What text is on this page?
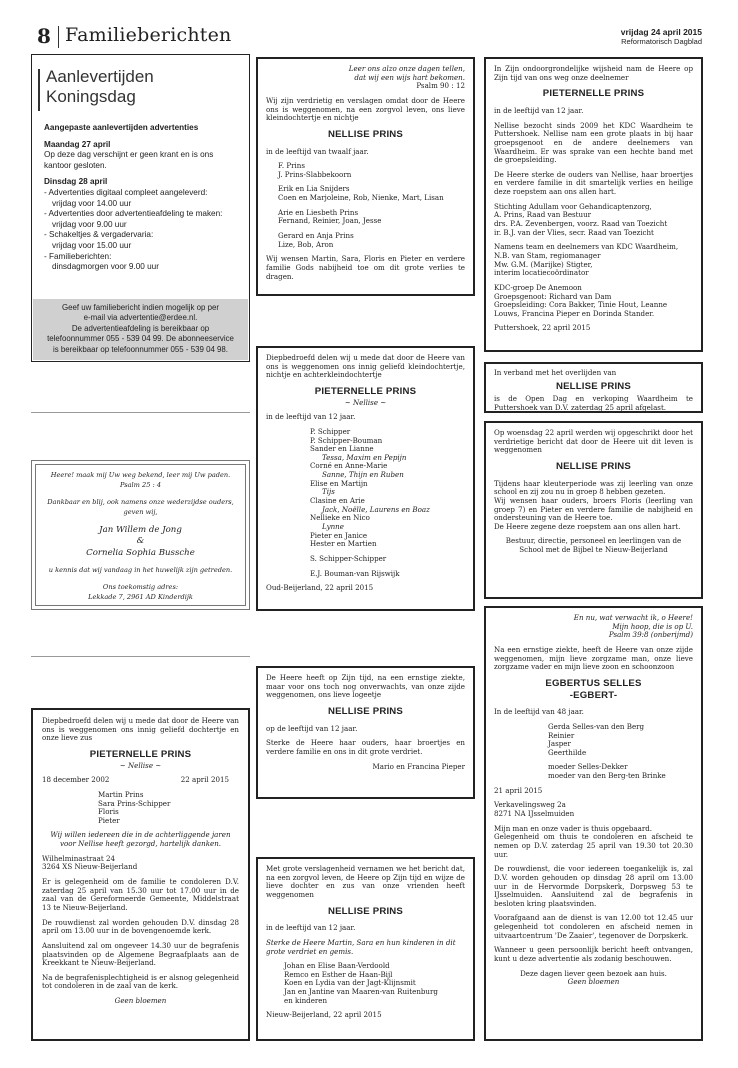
8 Familieberichten	vrijdag 24 april 2015
Reformatorisch Dagblad
Aanlevertijden
Koningsdag
Aangepaste aanlevertijden advertenties
Maandag 27 april
Op deze dag verschijnt er geen krant en is ons
kantoor gesloten.
Dinsdag 28 april
- Advertenties digitaal compleet aangeleverd:
vrijdag voor 14.00 uur
- Advertenties door advertentieafdeling te maken:
vrijdag voor 9.00 uur
- Schakeltjes & vergadervaria:
vrijdag voor 15.00 uur
- Familieberichten:
dinsdagmorgen voor 9.00 uur
Geef uw familiebericht indien mogelijk op per
e-mail via advertentie@erdee.nl.
De advertentieafdeling is bereikbaar op
telefoonnummer 055 - 539 04 99. De abonneeservice
is bereikbaar op telefoonnummer 055 - 539 04 98.
Heere! maak mij Uw weg bekend, leer mij Uw paden.
Psalm 25 : 4
Dankbaar en blij, ook namens onze wederzijdse ouders,
geven wij,
Jan Willem de Jong
&
Cornelia Sophia Bussche
u kennis dat wij vandaag in het huwelijk zijn getreden.
Ons toekomstig adres:
Lekkade 7, 2961 AD Kinderdijk

Diepbedroefd delen wij u mede dat door de Heere van ons is weggenomen ons innig geliefd dochtertje en onze lieve zus

PIETERNELLE PRINS

~ Nellise ~

18 december 2002	22 april 2015

Martin Prins
Sara Prins-Schipper
Floris
Pieter

Wij willen iedereen die in de achterliggende jaren voor Nellise heeft gezorgd, hartelijk danken.

Wilhelminastraat 24
3264 XS Nieuw-Beijerland

Er is gelegenheid om de familie te condoleren D.V. zaterdag 25 april van 15.30 uur tot 17.00 uur in de zaal van de Gereformeerde Gemeente, Middelstraat 13 te Nieuw-Beijerland.

De rouwdienst zal worden gehouden D.V. dinsdag 28 april om 13.00 uur in de bovengenoemde kerk.

Aansluitend zal om ongeveer 14.30 uur de begrafenis plaatsvinden op de Algemene Begraafplaats aan de Kreekkant te Nieuw-Beijerland.

Na de begrafenisplechtigheid is er alsnog gelegenheid tot condoleren in de zaal van de kerk.

Geen bloemen

Leer ons alzo onze dagen tellen,
dat wij een wijs hart bekomen.
Psalm 90 : 12

Wij zijn verdrietig en verslagen omdat door de Heere ons is weggenomen, na een zorgvol leven, ons lieve kleindochtertje en nichtje

NELLISE PRINS

in de leeftijd van twaalf jaar.

F. Prins
J. Prins-Slabbekoorn
Erik en Lia Snijders
Coen en Marjoleine, Rob, Nienke, Mart, Lisan
Arie en Liesbeth Prins
Fernand, Reinier, Joan, Jesse
Gerard en Anja Prins
Lize, Bob, Aron

Wij wensen Martin, Sara, Floris en Pieter en verdere familie Gods nabijheid toe om dit grote verlies te dragen.

Diepbedroefd delen wij u mede dat door de Heere van ons is weggenomen ons innig geliefd kleindochtertje, nichtje en achterkleindochtertje

PIETERNELLE PRINS

~ Nellise ~

in de leeftijd van 12 jaar.

P. Schipper
P. Schipper-Bouman
Sander en Lianne
Tessa, Maxim en Pepijn
Corné en Anne-Marie
Sanne, Thijn en Ruben
Elise en Martijn
Tijs
Clasine en Arie
Jack, Noëlle, Laurens en Boaz
Nellieke en Nico
Lynne
Pieter en Janice
Hester en Martien

S. Schipper-Schipper

E.J. Bouman-van Rijswijk

Oud-Beijerland, 22 april 2015

De Heere heeft op Zijn tijd, na een ernstige ziekte, maar voor ons toch nog onverwachts, van onze zijde weggenomen, ons lieve logeetje

NELLISE PRINS

op de leeftijd van 12 jaar.

Sterke de Heere haar ouders, haar broertjes en verdere familie en ons in dit grote verdriet.

Mario en Francina Pieper

Met grote verslagenheid vernamen we het bericht dat, na een zorgvol leven, de Heere op Zijn tijd en wijze de lieve dochter en zus van onze vrienden heeft weggenomen

NELLISE PRINS

in de leeftijd van 12 jaar.

Sterke de Heere Martin, Sara en hun kinderen in dit grote verdriet en gemis.

Johan en Elise Baan-Verdoold
Remco en Esther de Haan-Bijl
Koen en Lydia van der Jagt-Klijnsmit
Jan en Jantine van Maaren-van Ruitenburg
en kinderen

Nieuw-Beijerland, 22 april 2015

In Zijn ondoorgrondelijke wijsheid nam de Heere op Zijn tijd van ons weg onze deelnemer

PIETERNELLE PRINS

in de leeftijd van 12 jaar.

Nellise bezocht sinds 2009 het KDC Waardheim te Puttershoek. Nellise nam een grote plaats in bij haar groepsgenoot en de andere deelnemers van Waardheim. Er was sprake van een hechte band met de groepsleiding.

De Heere sterke de ouders van Nellise, haar broertjes en verdere familie in dit smartelijk verlies en heilige deze roepstem aan ons allen hart.

Stichting Adullam voor Gehandicaptenzorg,
A. Prins, Raad van Bestuur
drs. P.A. Zevenbergen, voorz. Raad van Toezicht
ir. B.J. van der Vlies, secr. Raad van Toezicht

Namens team en deelnemers van KDC Waardheim,
N.B. van Stam, regiomanager
Mw. G.M. (Marijke) Stigter,
interim locatiecoördinator

KDC-groep De Anemoon
Groepsgenoot: Richard van Dam
Groepsleiding: Cora Bakker, Tinie Hout, Leanne
Louws, Francina Pieper en Dorinda Stander.

Puttershoek, 22 april 2015

In verband met het overlijden van

NELLISE PRINS

is de Open Dag en verkoping Waardheim te Puttershoek van D.V. zaterdag 25 april afgelast.

Op woensdag 22 april werden wij opgeschrikt door het verdrietige bericht dat door de Heere uit dit leven is weggenomen

NELLISE PRINS

Tijdens haar kleuterperiode was zij leerling van onze school en zij zou nu in groep 8 hebben gezeten.
Wij wensen haar ouders, broers Floris (leerling van groep 7) en Pieter en verdere familie de nabijheid en ondersteuning van de Heere toe.
De Heere zegene deze roepstem aan ons allen hart.

Bestuur, directie, personeel en leerlingen van de School met de Bijbel te Nieuw-Beijerland

En nu, wat verwacht ik, o Heere!
Mijn hoop, die is op U.
Psalm 39:8 (onberijmd)

Na een ernstige ziekte, heeft de Heere van onze zijde weggenomen, mijn lieve zorgzame man, onze lieve zorgzame vader en mijn lieve zoon en schoonzoon

EGBERTUS SELLES

-EGBERT-

In de leeftijd van 48 jaar.

Gerda Selles-van den Berg
Reinier
Jasper
Geerthilde
moeder Selles-Dekker
moeder van den Berg-ten Brinke

21 april 2015

Verkavelingsweg 2a
8271 NA IJsselmuiden

Mijn man en onze vader is thuis opgebaard.
Gelegenheid om thuis te condoleren en afscheid te nemen op D.V. zaterdag 25 april van 19.30 tot 20.30 uur.

De rouwdienst, die voor iedereen toegankelijk is, zal D.V. worden gehouden op dinsdag 28 april om 13.00 uur in de Hervormde Dorpskerk, Dorpsweg 53 te IJsselmuiden. Aansluitend zal de begrafenis in besloten kring plaatsvinden.

Voorafgaand aan de dienst is van 12.00 tot 12.45 uur gelegenheid tot condoleren en afscheid nemen in uitvaartcentrum 'De Zaaier', tegenover de Dorpskerk.

Wanneer u geen persoonlijk bericht heeft ontvangen, kunt u deze advertentie als zodanig beschouwen.

Deze dagen liever geen bezoek aan huis.
Geen bloemen
